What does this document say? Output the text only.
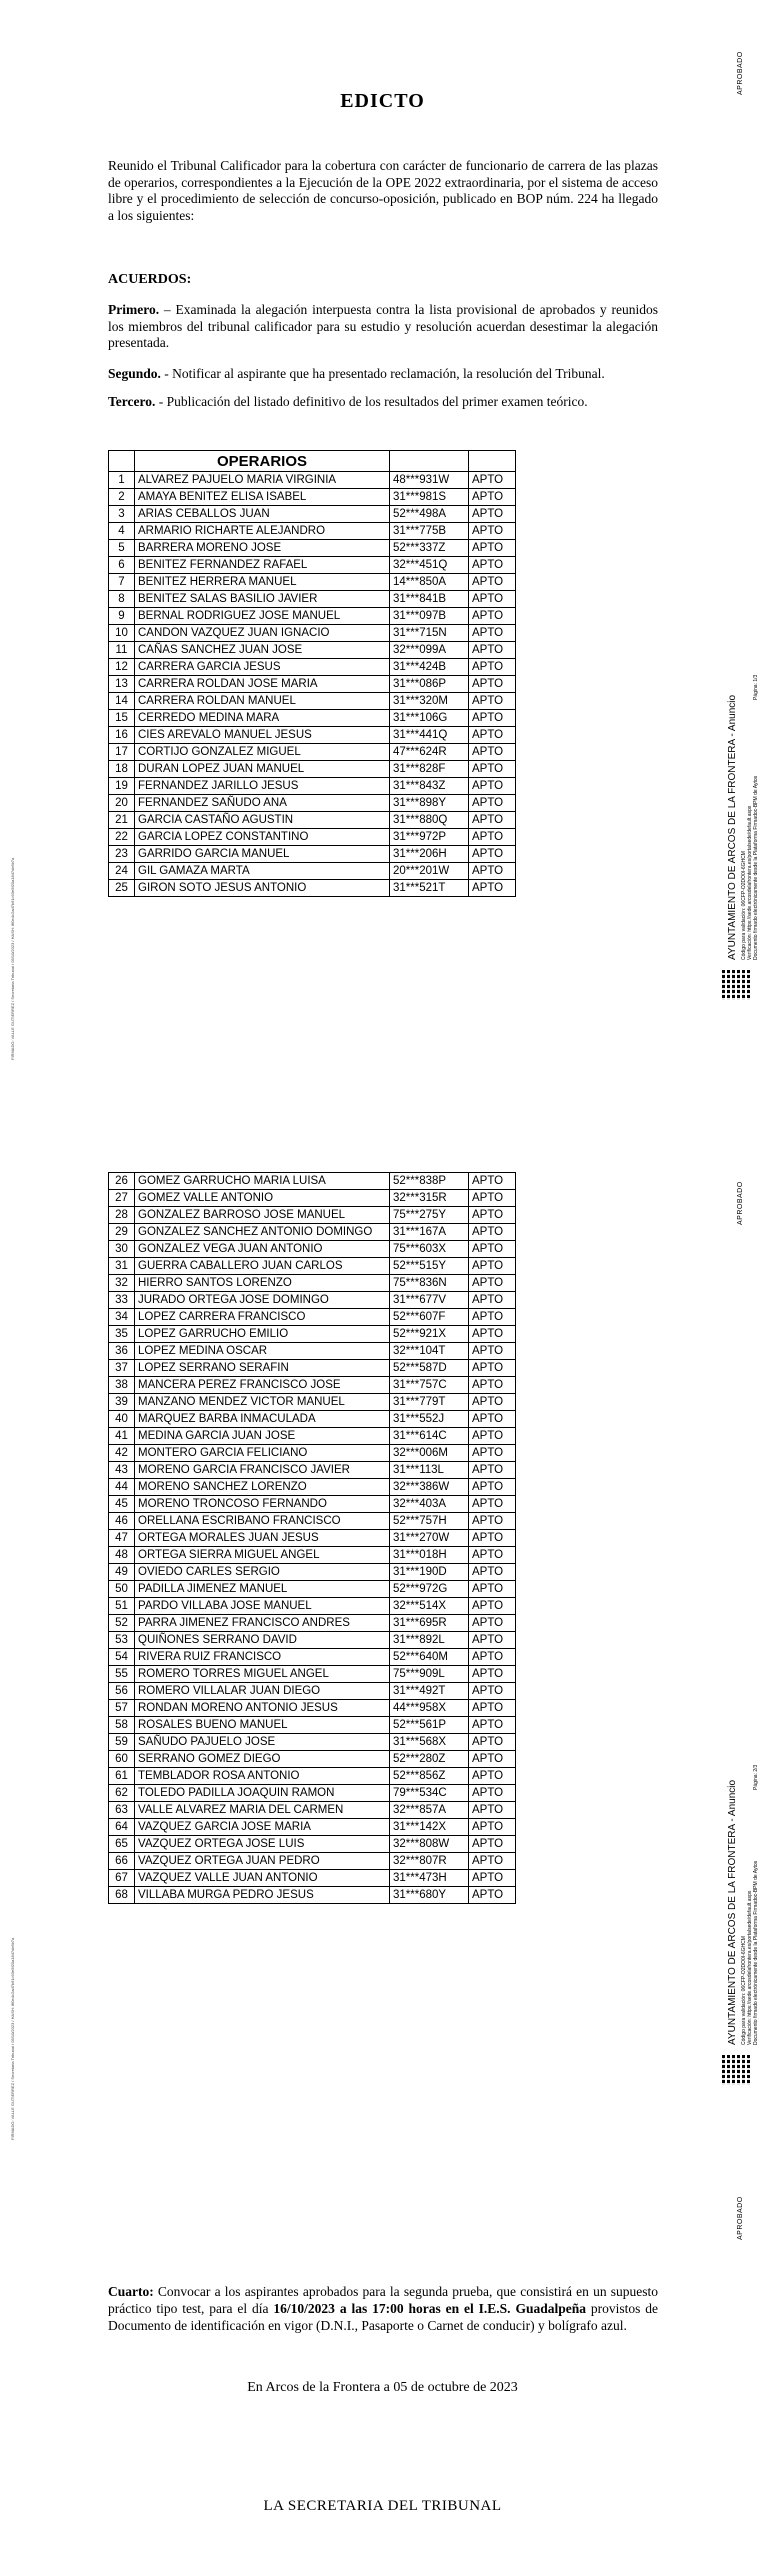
APROBADO
AYUNTAMIENTO DE ARCOS DE LA FRONTERA - Anuncio Código para validación: 06CFP-O2DO0I-6GHCM Verificación: https://sede.arcosdelafrontera.es/portalsede/default.aspx Documento firmado electrónicamente desde la Plataforma Firmadoc-BPM de Aytos
Página: 1/3
FIRMADO: VALLE GUTIERREZ / Secretaria Tribunal / 05/10/2023 / HASH: 8f0e4c2ad7b61c93e5f20a1847dc6b7a
APROBADO
AYUNTAMIENTO DE ARCOS DE LA FRONTERA - Anuncio Código para validación: 06CFP-O2DO0I-6GHCM Verificación: https://sede.arcosdelafrontera.es/portalsede/default.aspx Documento firmado electrónicamente desde la Plataforma Firmadoc-BPM de Aytos
Página: 2/3
FIRMADO: VALLE GUTIERREZ / Secretaria Tribunal / 05/10/2023 / HASH: 8f0e4c2ad7b61c93e5f20a1847dc6b7a
APROBADO
EDICTO
Reunido el Tribunal Calificador para la cobertura con carácter de funcionario de carrera de las plazas de operarios, correspondientes a la Ejecución de la OPE 2022 extraordinaria, por el sistema de acceso libre y el procedimiento de selección de concurso-oposición, publicado en BOP núm. 224 ha llegado a los siguientes:
ACUERDOS:
Primero. – Examinada la alegación interpuesta contra la lista provisional de aprobados y reunidos los miembros del tribunal calificador para su estudio y resolución acuerdan desestimar la alegación presentada.
Segundo. - Notificar al aspirante que ha presentado reclamación, la resolución del Tribunal.
Tercero. - Publicación del listado definitivo de los resultados del primer examen teórico.
	OPERARIOS		
1	ALVAREZ PAJUELO MARIA VIRGINIA	48***931W	APTO
2	AMAYA BENITEZ ELISA ISABEL	31***981S	APTO
3	ARIAS CEBALLOS JUAN	52***498A	APTO
4	ARMARIO RICHARTE ALEJANDRO	31***775B	APTO
5	BARRERA MORENO JOSE	52***337Z	APTO
6	BENITEZ FERNANDEZ RAFAEL	32***451Q	APTO
7	BENITEZ HERRERA MANUEL	14***850A	APTO
8	BENITEZ SALAS BASILIO JAVIER	31***841B	APTO
9	BERNAL RODRIGUEZ JOSE MANUEL	31***097B	APTO
10	CANDON VAZQUEZ JUAN IGNACIO	31***715N	APTO
11	CAÑAS SANCHEZ JUAN JOSE	32***099A	APTO
12	CARRERA GARCIA JESUS	31***424B	APTO
13	CARRERA ROLDAN JOSE MARIA	31***086P	APTO
14	CARRERA ROLDAN MANUEL	31***320M	APTO
15	CERREDO MEDINA MARA	31***106G	APTO
16	CIES AREVALO MANUEL JESUS	31***441Q	APTO
17	CORTIJO GONZALEZ MIGUEL	47***624R	APTO
18	DURAN LOPEZ JUAN MANUEL	31***828F	APTO
19	FERNANDEZ JARILLO JESUS	31***843Z	APTO
20	FERNANDEZ SAÑUDO ANA	31***898Y	APTO
21	GARCIA CASTAÑO AGUSTIN	31***880Q	APTO
22	GARCIA LOPEZ CONSTANTINO	31***972P	APTO
23	GARRIDO GARCIA MANUEL	31***206H	APTO
24	GIL GAMAZA MARTA	20***201W	APTO
25	GIRON SOTO JESUS ANTONIO	31***521T	APTO
26	GOMEZ GARRUCHO MARIA LUISA	52***838P	APTO
27	GOMEZ VALLE ANTONIO	32***315R	APTO
28	GONZALEZ BARROSO JOSE MANUEL	75***275Y	APTO
29	GONZALEZ SANCHEZ ANTONIO DOMINGO	31***167A	APTO
30	GONZALEZ VEGA JUAN ANTONIO	75***603X	APTO
31	GUERRA CABALLERO JUAN CARLOS	52***515Y	APTO
32	HIERRO SANTOS LORENZO	75***836N	APTO
33	JURADO ORTEGA JOSE DOMINGO	31***677V	APTO
34	LOPEZ CARRERA FRANCISCO	52***607F	APTO
35	LOPEZ GARRUCHO EMILIO	52***921X	APTO
36	LOPEZ MEDINA OSCAR	32***104T	APTO
37	LOPEZ SERRANO SERAFIN	52***587D	APTO
38	MANCERA PEREZ FRANCISCO JOSE	31***757C	APTO
39	MANZANO MENDEZ VICTOR MANUEL	31***779T	APTO
40	MARQUEZ BARBA INMACULADA	31***552J	APTO
41	MEDINA GARCIA JUAN JOSE	31***614C	APTO
42	MONTERO GARCIA FELICIANO	32***006M	APTO
43	MORENO GARCIA FRANCISCO JAVIER	31***113L	APTO
44	MORENO SANCHEZ LORENZO	32***386W	APTO
45	MORENO TRONCOSO FERNANDO	32***403A	APTO
46	ORELLANA ESCRIBANO FRANCISCO	52***757H	APTO
47	ORTEGA MORALES JUAN JESUS	31***270W	APTO
48	ORTEGA SIERRA MIGUEL ANGEL	31***018H	APTO
49	OVIEDO CARLES SERGIO	31***190D	APTO
50	PADILLA JIMENEZ MANUEL	52***972G	APTO
51	PARDO VILLABA JOSE MANUEL	32***514X	APTO
52	PARRA JIMENEZ FRANCISCO ANDRES	31***695R	APTO
53	QUIÑONES SERRANO DAVID	31***892L	APTO
54	RIVERA RUIZ FRANCISCO	52***640M	APTO
55	ROMERO TORRES MIGUEL ANGEL	75***909L	APTO
56	ROMERO VILLALAR JUAN DIEGO	31***492T	APTO
57	RONDAN MORENO ANTONIO JESUS	44***958X	APTO
58	ROSALES BUENO MANUEL	52***561P	APTO
59	SAÑUDO PAJUELO JOSE	31***568X	APTO
60	SERRANO GOMEZ DIEGO	52***280Z	APTO
61	TEMBLADOR ROSA ANTONIO	52***856Z	APTO
62	TOLEDO PADILLA JOAQUIN RAMON	79***534C	APTO
63	VALLE ALVAREZ MARIA DEL CARMEN	32***857A	APTO
64	VAZQUEZ GARCIA JOSE MARIA	31***142X	APTO
65	VAZQUEZ ORTEGA JOSE LUIS	32***808W	APTO
66	VAZQUEZ ORTEGA JUAN PEDRO	32***807R	APTO
67	VAZQUEZ VALLE JUAN ANTONIO	31***473H	APTO
68	VILLABA MURGA PEDRO JESUS	31***680Y	APTO
Cuarto: Convocar a los aspirantes aprobados para la segunda prueba, que consistirá en un supuesto práctico tipo test, para el día 16/10/2023 a las 17:00 horas en el I.E.S. Guadalpeña provistos de Documento de identificación en vigor (D.N.I., Pasaporte o Carnet de conducir) y bolígrafo azul.
En Arcos de la Frontera a 05 de octubre de 2023
LA SECRETARIA DEL TRIBUNAL
